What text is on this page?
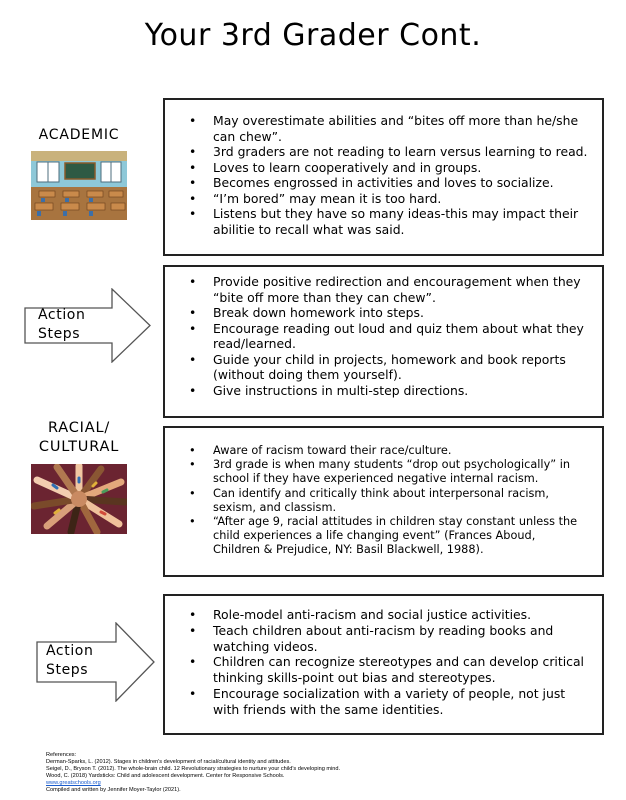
Your 3rd Grader Cont.
ACADEMIC
• May overestimate abilities and “bites off more than he/she can chew”.
• 3rd graders are not reading to learn versus learning to read.
• Loves to learn cooperatively and in groups.
• Becomes engrossed in activities and loves to socialize.
• “I’m bored” may mean it is too hard.
• Listens but they have so many ideas-this may impact their abilitie to recall what was said.
Action
Steps
• Provide positive redirection and encouragement when they “bite off more than they can chew”.
• Break down homework into steps.
• Encourage reading out loud and quiz them about what they read/learned.
• Guide your child in projects, homework and book reports (without doing them yourself).
• Give instructions in multi-step directions.
RACIAL/
CULTURAL
•	Aware of racism toward their race/culture.
• 3rd grade is when many students “drop out psychologically” in school if they have experienced negative internal racism.
• Can identify and critically think about interpersonal racism, sexism, and classism.
• “After age 9, racial attitudes in children stay constant unless the child experiences a life changing event” (Frances Aboud, Children & Prejudice, NY: Basil Blackwell, 1988).
Action
Steps
• Role-model anti-racism and social justice activities.
• Teach children about anti-racism by reading books and watching videos.
• Children can recognize stereotypes and can develop critical thinking skills-point out bias and stereotypes.
• Encourage socialization with a variety of people, not just with friends with the same identities.
References:
Derman-Sparks, L. (2012). Stages in children's development of racial/cultural identity and attitudes.
Seigel, D., Bryson T. (2012). The whole-brain child. 12 Revolutionary strategies to nurture your child's developing mind.
Wood, C. (2018) Yardsticks: Child and adolescent development. Center for Responsive Schools.
www.greatschools.org
Compiled and written by Jennifer Moyer-Taylor (2021).
